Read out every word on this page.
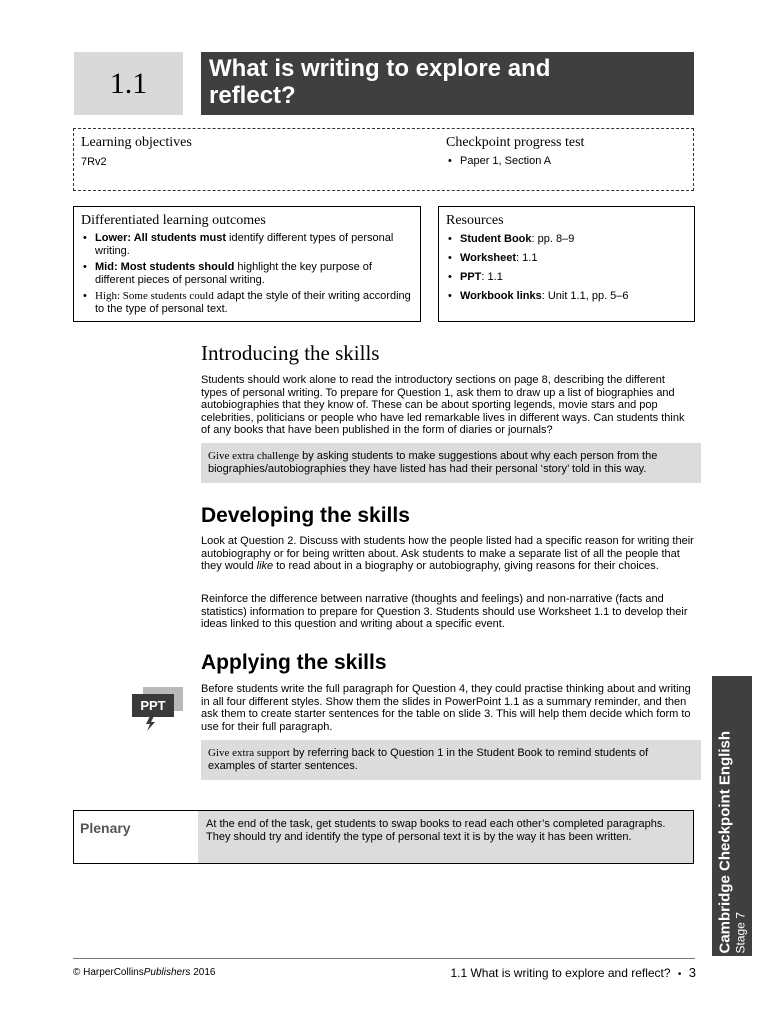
1.1	What is writing to explore and
reflect?
Learning objectives
7Rv2
Checkpoint progress test
• Paper 1, Section A
Differentiated learning outcomes
• Lower: All students must identify different types of personal writing.
• Mid: Most students should highlight the key purpose of different pieces of personal writing.
• High: Some students could adapt the style of their writing according to the type of personal text.
Resources
• Student Book: pp. 8–9
• Worksheet: 1.1
• PPT: 1.1
• Workbook links: Unit 1.1, pp. 5–6
Introducing the skills
Students should work alone to read the introductory sections on page 8, describing the different types of personal writing. To prepare for Question 1, ask them to draw up a list of biographies and autobiographies that they know of. These can be about sporting legends, movie stars and pop celebrities, politicians or people who have led remarkable lives in different ways. Can students think of any books that have been published in the form of diaries or journals?
Give extra challenge by asking students to make suggestions about why each person from the biographies/autobiographies they have listed has had their personal ‘story’ told in this way.
Developing the skills
Look at Question 2. Discuss with students how the people listed had a specific reason for writing their autobiography or for being written about. Ask students to make a separate list of all the people that they would like to read about in a biography or autobiography, giving reasons for their choices.
Reinforce the difference between narrative (thoughts and feelings) and non-narrative (facts and statistics) information to prepare for Question 3. Students should use Worksheet 1.1 to develop their ideas linked to this question and writing about a specific event.
Applying the skills
PPT
Before students write the full paragraph for Question 4, they could practise thinking about and writing in all four different styles. Show them the slides in PowerPoint 1.1 as a summary reminder, and then ask them to create starter sentences for the table on slide 3. This will help them decide which form to use for their full paragraph.
Give extra support by referring back to Question 1 in the Student Book to remind students of examples of starter sentences.
Plenary	At the end of the task, get students to swap books to read each other’s completed paragraphs. They should try and identify the type of personal text it is by the way it has been written.	Cambridge Checkpoint English Stage 7
© HarperCollinsPublishers 2016	1.1 What is writing to explore and reflect? • 3
